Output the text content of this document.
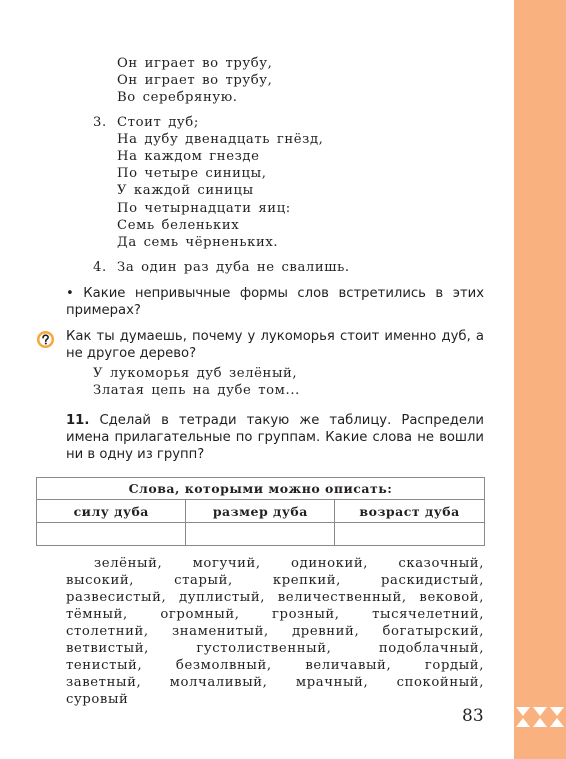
Он играет во трубу,
Он играет во трубу,
Во серебряную.
3. Стоит дуб;
На дубу двенадцать гнёзд,
На каждом гнезде
По четыре синицы,
У каждой синицы
По четырнадцати яиц:
Семь беленьких
Да семь чёрненьких.
4. За один раз дуба не свалишь.
• Какие непривычные формы слов встретились в этих примерах?
Как ты думаешь, почему у лукоморья стоит именно дуб, а не другое дерево?
У лукоморья дуб зелёный,
Златая цепь на дубе том...
11. Сделай в тетради такую же таблицу. Распредели имена прилагательные по группам. Какие слова не вошли ни в одну из групп?
Слова, которыми можно описать:		
силу дуба	размер дуба	возраст дуба

зелёный, могучий, одинокий, сказочный, высокий, старый, крепкий, раскидистый, развесистый, дуплистый, величественный, вековой, тёмный, огромный, грозный, тысячелетний, столетний, знаменитый, древний, богатырский, ветвистый, густолиственный, подоблачный, тенистый, безмолвный, величавый, гордый, заветный, молчаливый, мрачный, спокойный, суровый
83
